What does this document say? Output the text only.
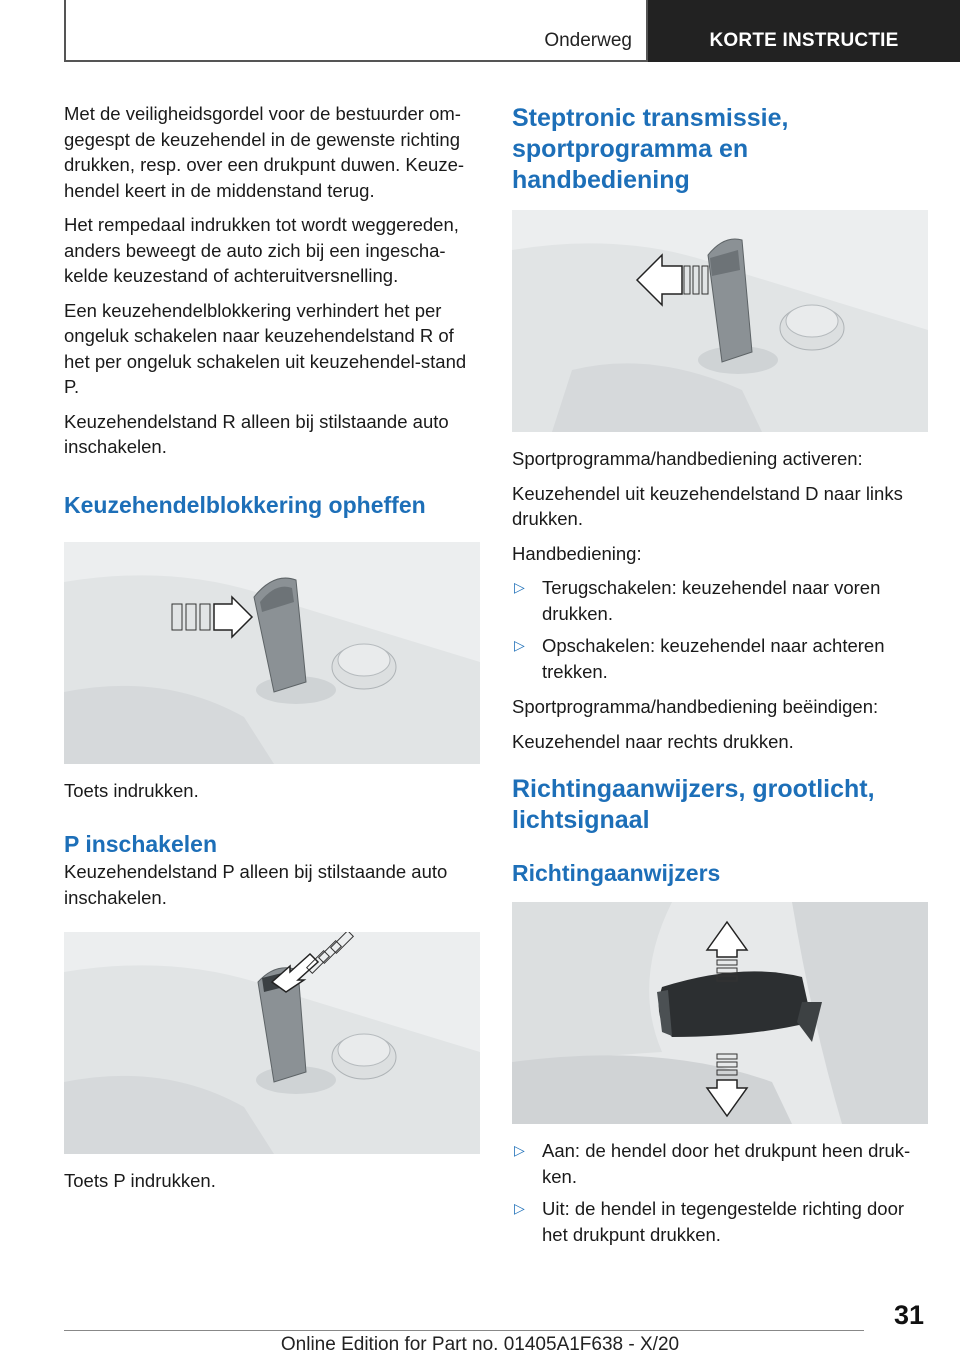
Onderweg	KORTE INSTRUCTIE

Met de veiligheidsgordel voor de bestuurder om-gegespt de keuzehendel in de gewenste richting drukken, resp. over een drukpunt duwen. Keuze-hendel keert in de middenstand terug.

Het rempedaal indrukken tot wordt weggereden, anders beweegt de auto zich bij een ingescha-kelde keuzestand of achteruitversnelling.

Een keuzehendelblokkering verhindert het per ongeluk schakelen naar keuzehendelstand R of het per ongeluk schakelen uit keuzehendel-stand P.

Keuzehendelstand R alleen bij stilstaande auto inschakelen.

Keuzehendelblokkering opheffen

Toets indrukken.

P inschakelen

Keuzehendelstand P alleen bij stilstaande auto inschakelen.

Toets P indrukken.

Steptronic transmissie, sportprogramma en handbediening

Sportprogramma/handbediening activeren:

Keuzehendel uit keuzehendelstand D naar links drukken.

Handbediening:

▷ Terugschakelen: keuzehendel naar voren drukken.
▷ Opschakelen: keuzehendel naar achteren trekken.

Sportprogramma/handbediening beëindigen:

Keuzehendel naar rechts drukken.

Richtingaanwijzers, grootlicht, lichtsignaal
Richtingaanwijzers
▷ Aan: de hendel door het drukpunt heen druk-ken.
▷ Uit: de hendel in tegengestelde richting door het drukpunt drukken.
31
Online Edition for Part no. 01405A1F638 - X/20
